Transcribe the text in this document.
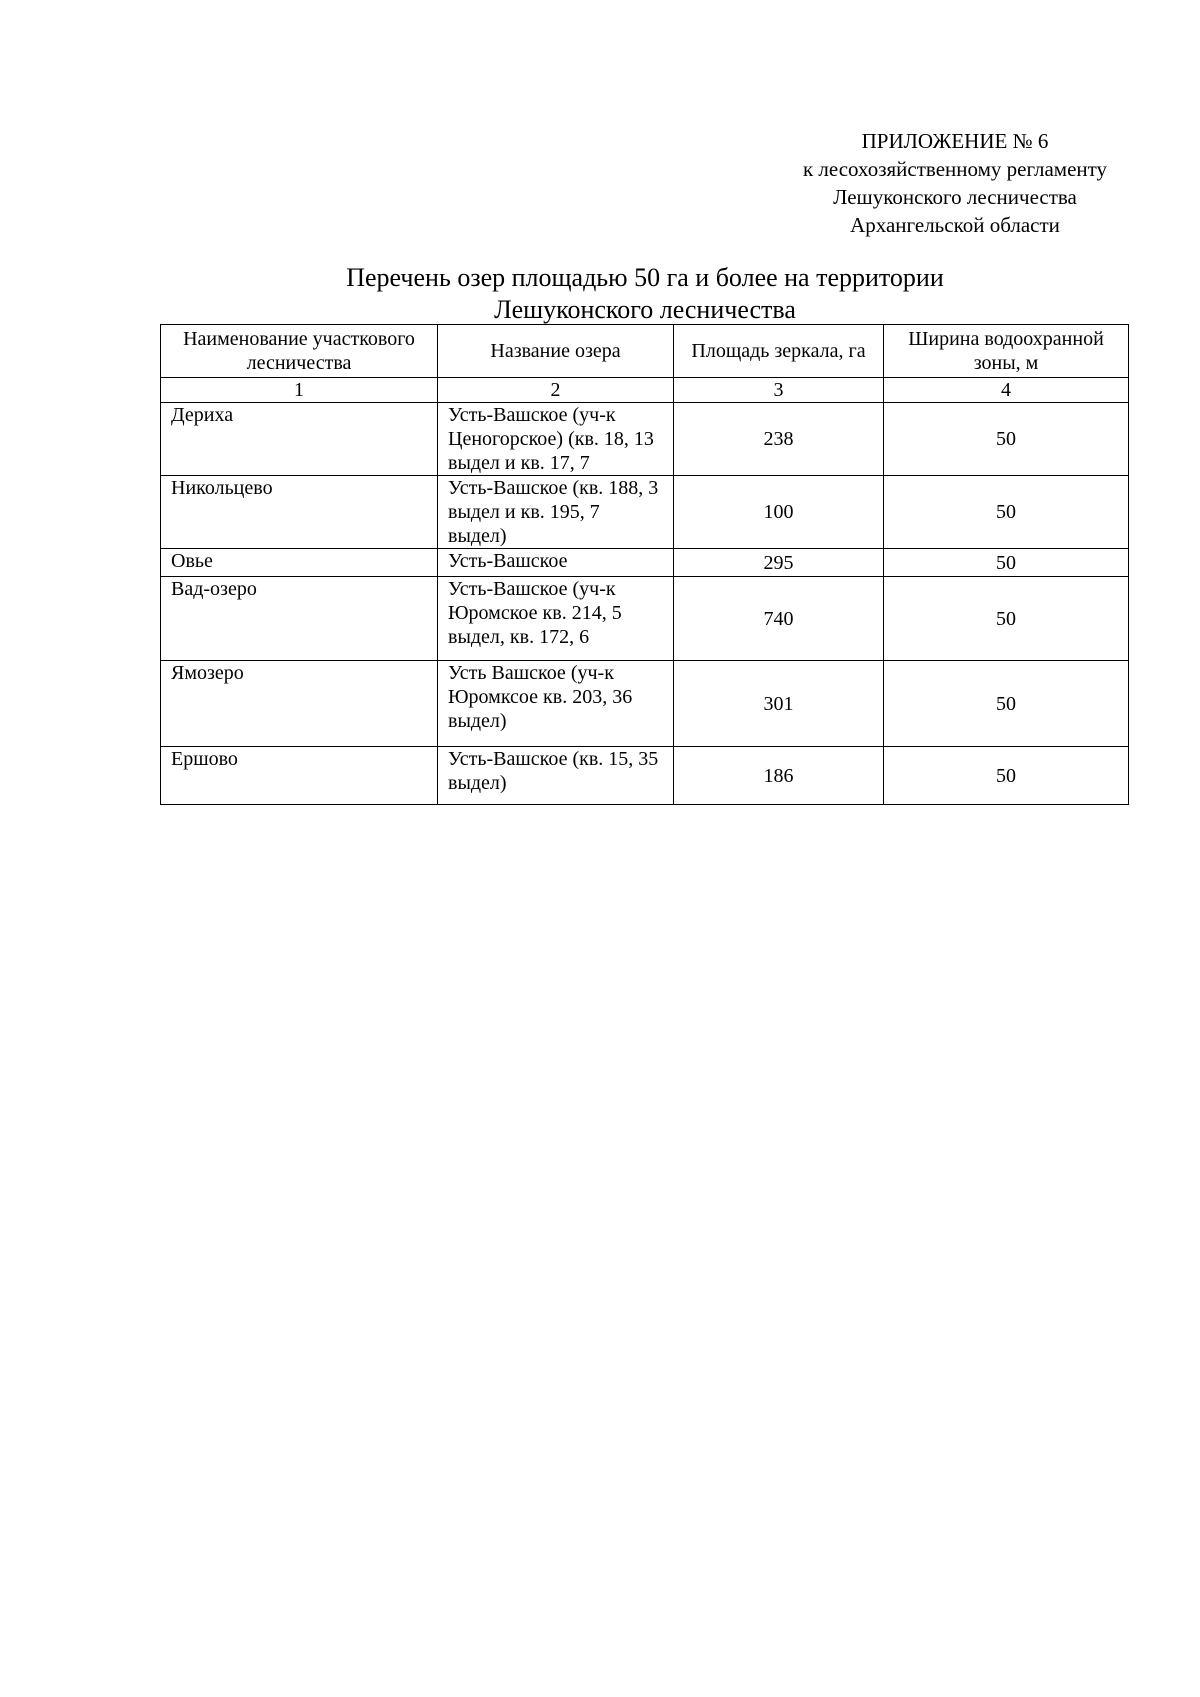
ПРИЛОЖЕНИЕ № 6
к лесохозяйственному регламенту
Лешуконского лесничества
Архангельской области
Перечень озер площадью 50 га и более на территории
Лешуконского лесничества
Наименование участкового лесничества	Название озера	Площадь зеркала, га	Ширина водоохранной зоны, м
1	2	3	4
Дериха	Усть-Вашское (уч-к Ценогорское) (кв. 18, 13 выдел и кв. 17, 7	238	50
Никольцево	Усть-Вашское (кв. 188, 3 выдел и кв. 195, 7 выдел)	100	50
Овье	Усть-Вашское	295	50
Вад-озеро	Усть-Вашское (уч-к Юромское кв. 214, 5 выдел, кв. 172, 6	740	50
Ямозеро	Усть Вашское (уч-к Юромксое кв. 203, 36 выдел)	301	50
Ершово	Усть-Вашское (кв. 15, 35 выдел)	186	50
